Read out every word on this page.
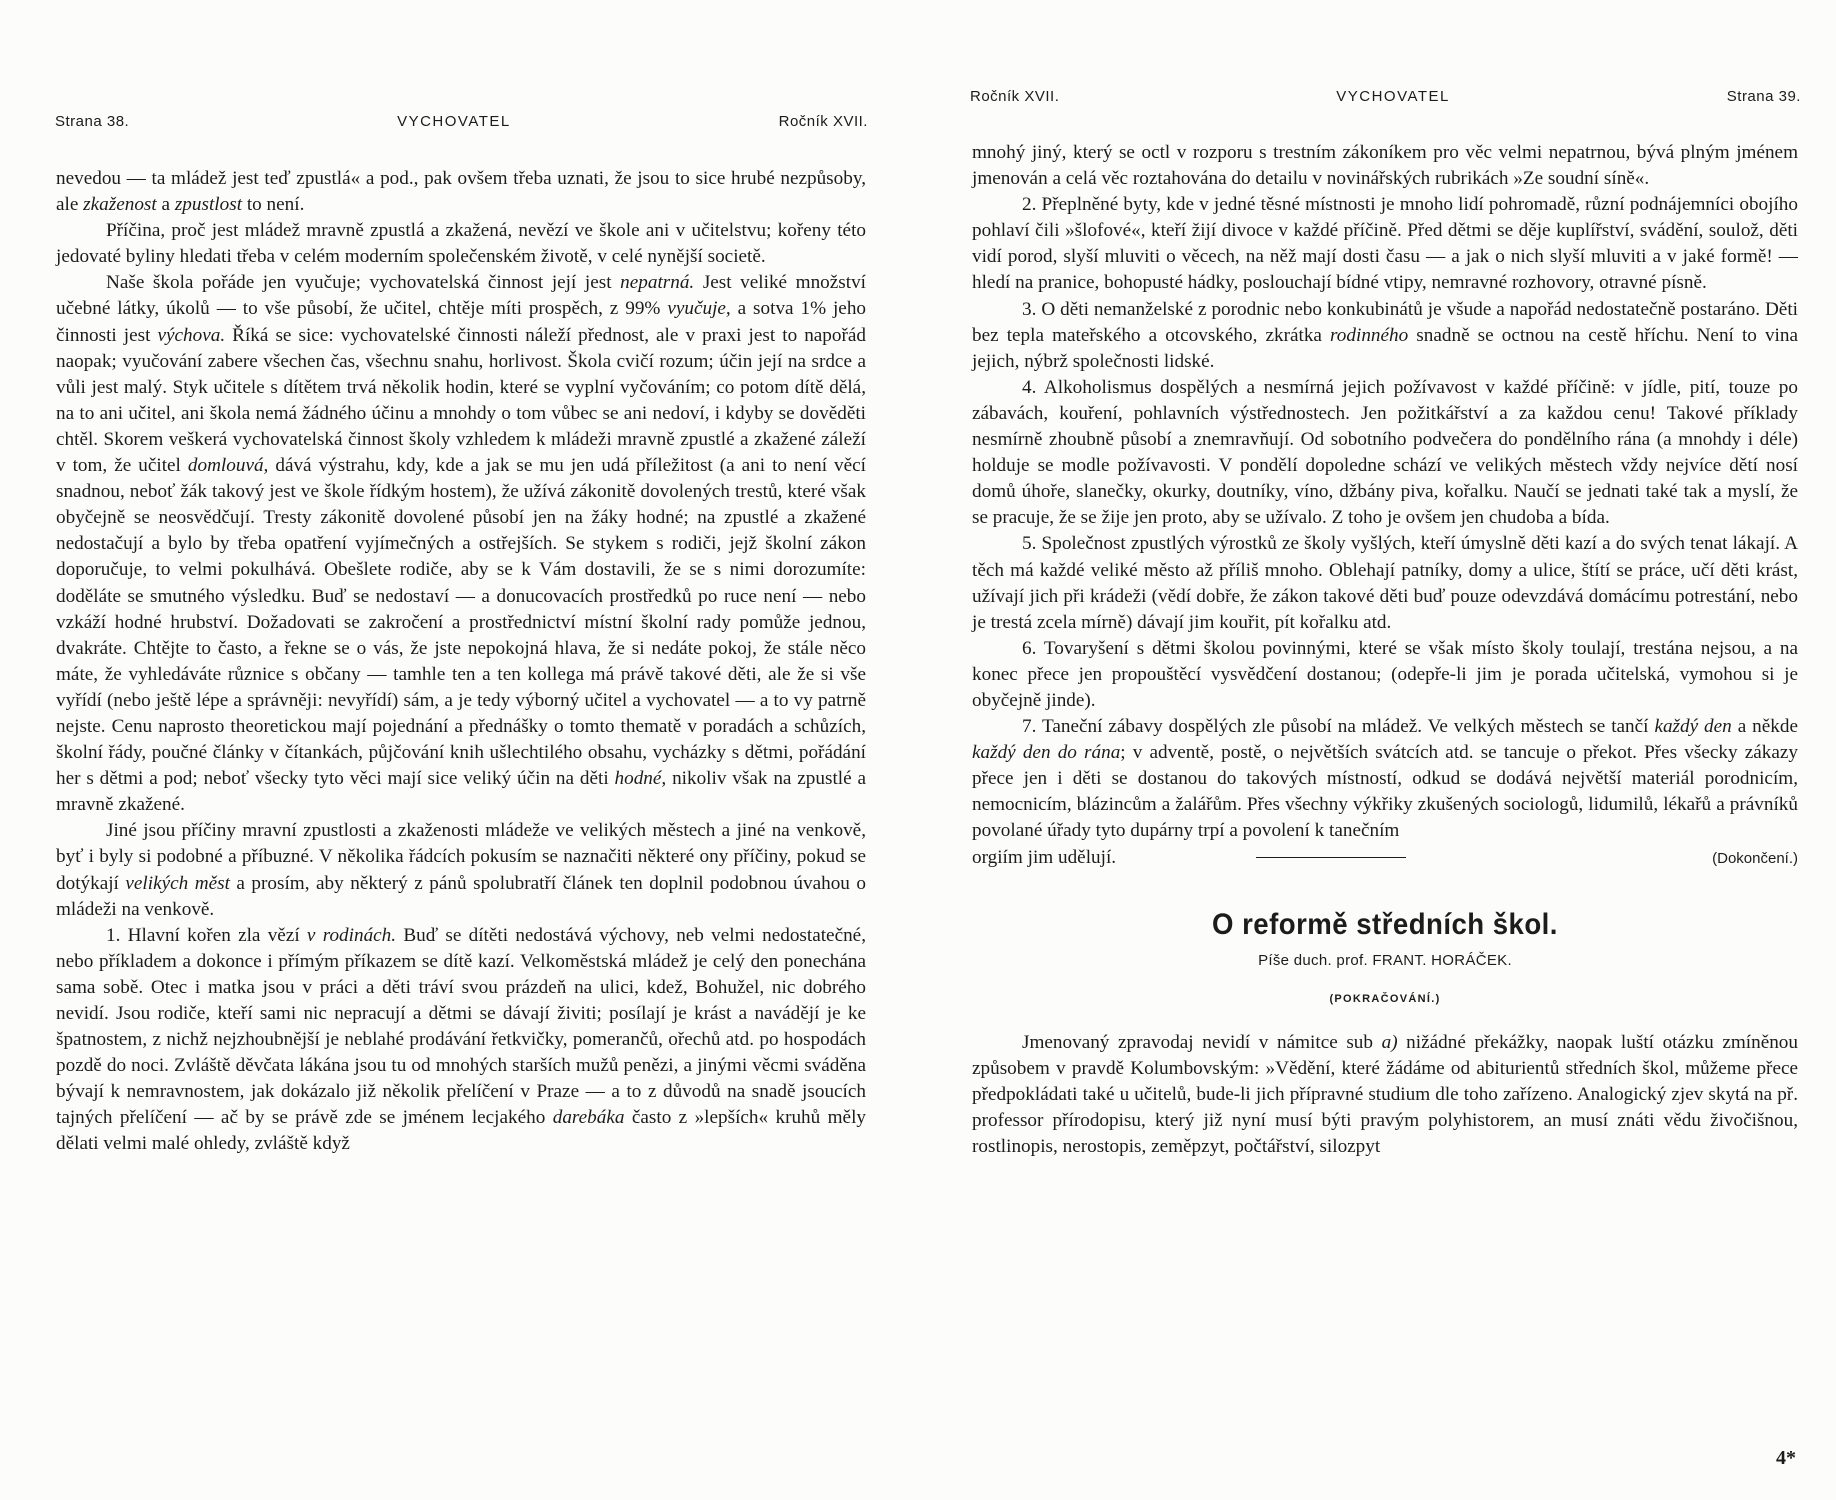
Strana 38.	VYCHOVATEL	Ročník XVII.

nevedou — ta mládež jest teď zpustlá« a pod., pak ovšem třeba uznati, že jsou to sice hrubé nezpůsoby, ale zkaženost a zpustlost to není.

Příčina, proč jest mládež mravně zpustlá a zkažená, nevězí ve škole ani v učitelstvu; kořeny této jedovaté byliny hledati třeba v celém moderním společenském životě, v celé nynější societě.

Naše škola pořáde jen vyučuje; vychovatelská činnost její jest nepatrná. Jest veliké množství učebné látky, úkolů — to vše působí, že učitel, chtěje míti prospěch, z 99% vyučuje, a sotva 1% jeho činnosti jest výchova. Říká se sice: vychovatelské činnosti náleží přednost, ale v praxi jest to napořád naopak; vyučování zabere všechen čas, všechnu snahu, horlivost. Škola cvičí rozum; účin její na srdce a vůli jest malý. Styk učitele s dítětem trvá několik hodin, které se vyplní vyčováním; co potom dítě dělá, na to ani učitel, ani škola nemá žádného účinu a mnohdy o tom vůbec se ani nedoví, i kdyby se dověděti chtěl. Skorem veškerá vychovatelská činnost školy vzhledem k mládeži mravně zpustlé a zkažené záleží v tom, že učitel domlouvá, dává výstrahu, kdy, kde a jak se mu jen udá příležitost (a ani to není věcí snadnou, neboť žák takový jest ve škole řídkým hostem), že užívá zákonitě dovolených trestů, které však obyčejně se neosvědčují. Tresty zákonitě dovolené působí jen na žáky hodné; na zpustlé a zkažené nedostačují a bylo by třeba opatření vyjímečných a ostřejších. Se stykem s rodiči, jejž školní zákon doporučuje, to velmi pokulhává. Obešlete rodiče, aby se k Vám dostavili, že se s nimi dorozumíte: doděláte se smutného výsledku. Buď se nedostaví — a donucovacích prostředků po ruce není — nebo vzkáží hodné hrubství. Dožadovati se zakročení a prostřednictví místní školní rady pomůže jednou, dvakráte. Chtějte to často, a řekne se o vás, že jste nepokojná hlava, že si nedáte pokoj, že stále něco máte, že vyhledáváte různice s občany — tamhle ten a ten kollega má právě takové děti, ale že si vše vyřídí (nebo ještě lépe a správněji: nevyřídí) sám, a je tedy výborný učitel a vychovatel — a to vy patrně nejste. Cenu naprosto theoretickou mají pojednání a přednášky o tomto thematě v poradách a schůzích, školní řády, poučné články v čítankách, půjčování knih ušlechtilého obsahu, vycházky s dětmi, pořádání her s dětmi a pod; neboť všecky tyto věci mají sice veliký účin na děti hodné, nikoliv však na zpustlé a mravně zkažené.

Jiné jsou příčiny mravní zpustlosti a zkaženosti mládeže ve velikých městech a jiné na venkově, byť i byly si podobné a příbuzné. V několika řádcích pokusím se naznačiti některé ony příčiny, pokud se dotýkají velikých měst a prosím, aby některý z pánů spolubratří článek ten doplnil podobnou úvahou o mládeži na venkově.

1. Hlavní kořen zla vězí v rodinách. Buď se dítěti nedostává výchovy, neb velmi nedostatečné, nebo příkladem a dokonce i přímým příkazem se dítě kazí. Velkoměstská mládež je celý den ponechána sama sobě. Otec i matka jsou v práci a děti tráví svou prázdeň na ulici, kdež, Bohužel, nic dobrého nevidí. Jsou rodiče, kteří sami nic nepracují a dětmi se dávají živiti; posílají je krást a navádějí je ke špatnostem, z nichž nejzhoubnější je neblahé prodávání řetkvičky, pomerančů, ořechů atd. po hospodách pozdě do noci. Zvláště děvčata lákána jsou tu od mnohých starších mužů penězi, a jinými věcmi sváděna bývají k nemravnostem, jak dokázalo již několik přelíčení v Praze — a to z důvodů na snadě jsoucích tajných přelíčení — ač by se právě zde se jménem lecjakého darebáka často z »lepších« kruhů měly dělati velmi malé ohledy, zvláště když

Ročník XVII.	VYCHOVATEL	Strana 39.

mnohý jiný, který se octl v rozporu s trestním zákoníkem pro věc velmi nepatrnou, bývá plným jménem jmenován a celá věc roztahována do detailu v novinářských rubrikách »Ze soudní síně«.

2. Přeplněné byty, kde v jedné těsné místnosti je mnoho lidí pohromadě, různí podnájemníci obojího pohlaví čili »šlofové«, kteří žijí divoce v každé příčině. Před dětmi se děje kuplířství, svádění, soulož, děti vidí porod, slyší mluviti o věcech, na něž mají dosti času — a jak o nich slyší mluviti a v jaké formě! — hledí na pranice, bohopusté hádky, poslouchají bídné vtipy, nemravné rozhovory, otravné písně.

3. O děti nemanželské z porodnic nebo konkubinátů je všude a napořád nedostatečně postaráno. Děti bez tepla mateřského a otcovského, zkrátka rodinného snadně se octnou na cestě hříchu. Není to vina jejich, nýbrž společnosti lidské.

4. Alkoholismus dospělých a nesmírná jejich požívavost v každé příčině: v jídle, pití, touze po zábavách, kouření, pohlavních výstřednostech. Jen požitkářství a za každou cenu! Takové příklady nesmírně zhoubně působí a znemravňují. Od sobotního podvečera do pondělního rána (a mnohdy i déle) holduje se modle požívavosti. V pondělí dopoledne schází ve velikých městech vždy nejvíce dětí nosí domů úhoře, slanečky, okurky, doutníky, víno, džbány piva, kořalku. Naučí se jednati také tak a myslí, že se pracuje, že se žije jen proto, aby se užívalo. Z toho je ovšem jen chudoba a bída.

5. Společnost zpustlých výrostků ze školy vyšlých, kteří úmyslně děti kazí a do svých tenat lákají. A těch má každé veliké město až příliš mnoho. Oblehají patníky, domy a ulice, štítí se práce, učí děti krást, užívají jich při krádeži (vědí dobře, že zákon takové děti buď pouze odevzdává domácímu potrestání, nebo je trestá zcela mírně) dávají jim kouřit, pít kořalku atd.

6. Tovaryšení s dětmi školou povinnými, které se však místo školy toulají, trestána nejsou, a na konec přece jen propouštěcí vysvědčení dostanou; (odepře-li jim je porada učitelská, vymohou si je obyčejně jinde).

7. Taneční zábavy dospělých zle působí na mládež. Ve velkých městech se tančí každý den a někde každý den do rána; v adventě, postě, o největších svátcích atd. se tancuje o překot. Přes všecky zákazy přece jen i děti se dostanou do takových místností, odkud se dodává největší materiál porodnicím, nemocnicím, blázincům a žalářům. Přes všechny výkřiky zkušených sociologů, lidumilů, lékařů a právníků povolané úřady tyto dupárny trpí a povolení k tanečním

orgiím jim udělují.	(Dokončení.)
O reformě středních škol.
Píše duch. prof. FRANT. HORÁČEK.
(POKRAČOVÁNÍ.)

Jmenovaný zpravodaj nevidí v námitce sub a) nižádné překážky, naopak luští otázku zmíněnou způsobem v pravdě Kolumbovským: »Vědění, které žádáme od abiturientů středních škol, můžeme přece předpokládati také u učitelů, bude-li jich přípravné studium dle toho zařízeno. Analogický zjev skytá na př. professor přírodopisu, který již nyní musí býti pravým polyhistorem, an musí znáti vědu živočišnou, rostlinopis, nerostopis, zeměpzyt, počtářství, silozpyt

4*
